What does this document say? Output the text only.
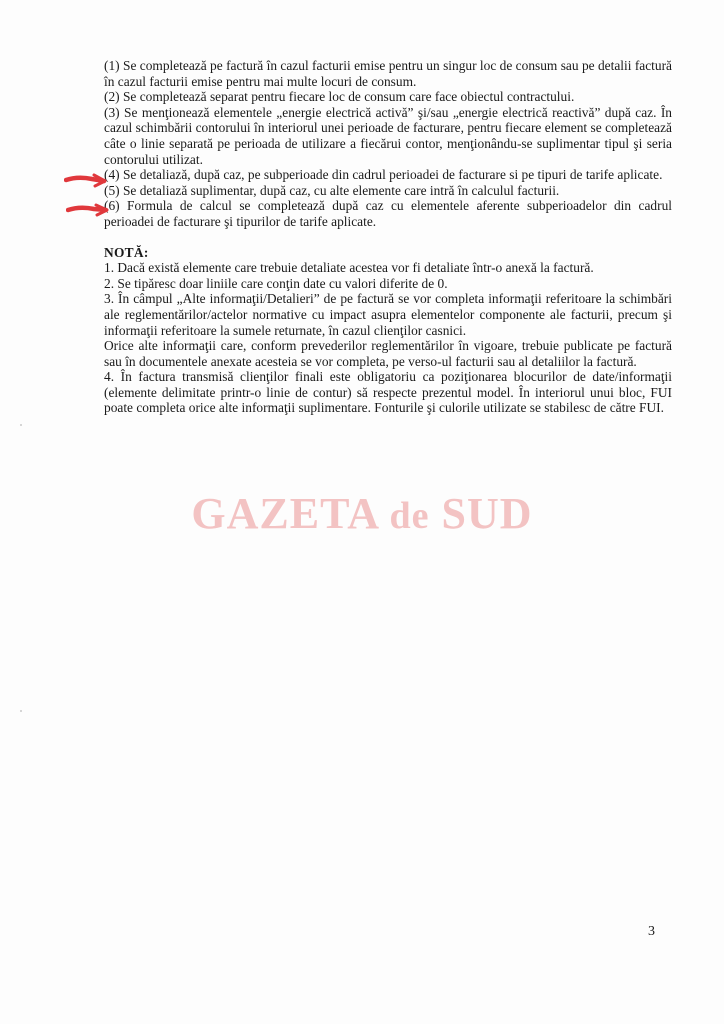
(1) Se completează pe factură în cazul facturii emise pentru un singur loc de consum sau pe detalii factură în cazul facturii emise pentru mai multe locuri de consum.

(2) Se completează separat pentru fiecare loc de consum care face obiectul contractului.

(3) Se menţionează elementele „energie electrică activă” şi/sau „energie electrică reactivă” după caz. În cazul schimbării contorului în interiorul unei perioade de facturare, pentru fiecare element se completează câte o linie separată pe perioada de utilizare a fiecărui contor, menţionându-se suplimentar tipul şi seria contorului utilizat.

(4) Se detaliază, după caz, pe subperioade din cadrul perioadei de facturare si pe tipuri de tarife aplicate.

(5) Se detaliază suplimentar, după caz, cu alte elemente care intră în calculul facturii.

(6) Formula de calcul se completează după caz cu elementele aferente subperioadelor din cadrul perioadei de facturare şi tipurilor de tarife aplicate.

NOTĂ:

1. Dacă există elemente care trebuie detaliate acestea vor fi detaliate într-o anexă la factură.

2. Se tipăresc doar liniile care conţin date cu valori diferite de 0.

3. În câmpul „Alte informaţii/Detalieri” de pe factură se vor completa informaţii referitoare la schimbări ale reglementărilor/actelor normative cu impact asupra elementelor componente ale facturii, precum şi informaţii referitoare la sumele returnate, în cazul clienţilor casnici.

Orice alte informaţii care, conform prevederilor reglementărilor în vigoare, trebuie publicate pe factură sau în documentele anexate acesteia se vor completa, pe verso-ul facturii sau al detaliilor la factură.

4. În factura transmisă clienţilor finali este obligatoriu ca poziţionarea blocurilor de date/informaţii (elemente delimitate printr-o linie de contur) să respecte prezentul model. În interiorul unui bloc, FUI poate completa orice alte informaţii suplimentare. Fonturile şi culorile utilizate se stabilesc de către FUI.

GAZETA de SUD
3
